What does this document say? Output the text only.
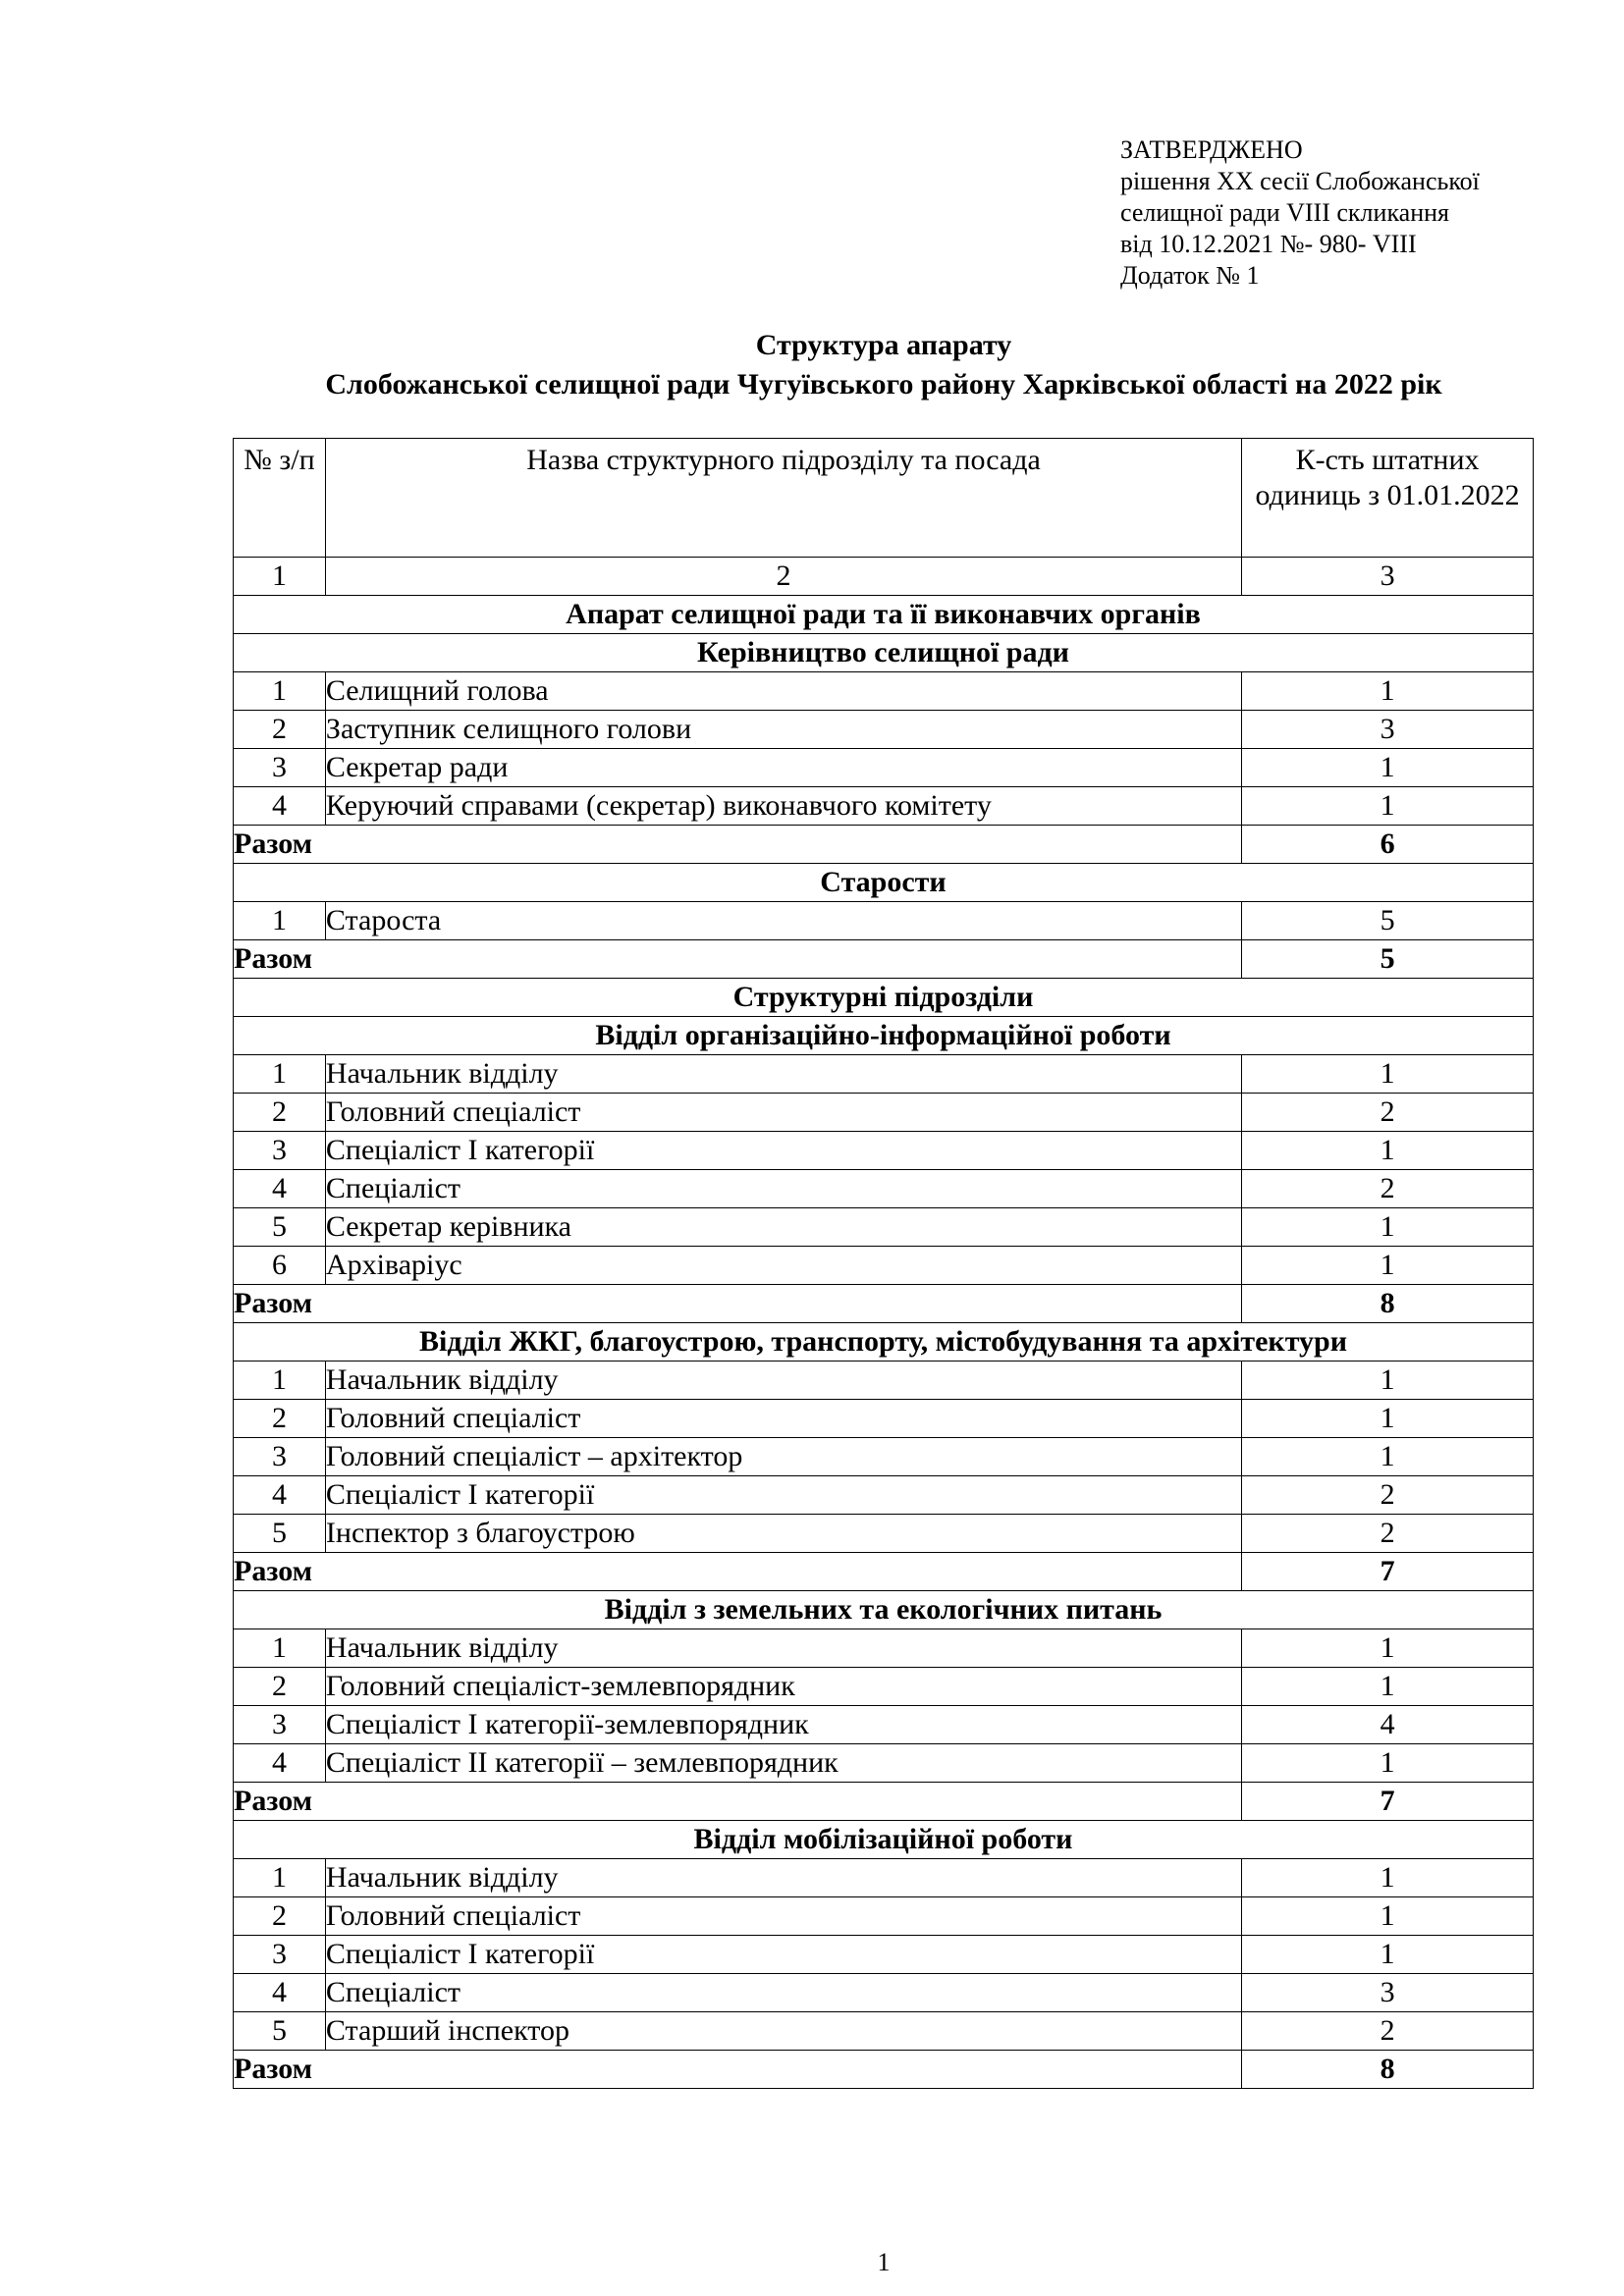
ЗАТВЕРДЖЕНО
рішення XX сесії Слобожанської
селищної ради VIII скликання
від 10.12.2021 №- 980- VIII
Додаток № 1
Структура апарату
Слобожанської селищної ради Чугуївського району Харківської області на 2022 рік
№ з/п	Назва структурного підрозділу та посада	К-сть штатних одиниць з 01.01.2022
1	2	3
Апарат селищної ради та її виконавчих органів		
Керівництво селищної ради		
1	Селищний голова	1
2	Заступник селищного голови	3
3	Секретар ради	1
4	Керуючий справами (секретар) виконавчого комітету	1
Разом		6
Старости		
1	Староста	5
Разом		5
Структурні підрозділи		
Відділ організаційно-інформаційної роботи		
1	Начальник відділу	1
2	Головний спеціаліст	2
3	Спеціаліст I категорії	1
4	Спеціаліст	2
5	Секретар керівника	1
6	Архіваріус	1
Разом		8
Відділ ЖКГ, благоустрою, транспорту, містобудування та архітектури		
1	Начальник відділу	1
2	Головний спеціаліст	1
3	Головний спеціаліст – архітектор	1
4	Спеціаліст I категорії	2
5	Інспектор з благоустрою	2
Разом		7
Відділ з земельних та екологічних питань		
1	Начальник відділу	1
2	Головний спеціаліст-землевпорядник	1
3	Спеціаліст I категорії-землевпорядник	4
4	Спеціаліст II категорії – землевпорядник	1
Разом		7
Відділ мобілізаційної роботи		
1	Начальник відділу	1
2	Головний спеціаліст	1
3	Спеціаліст I категорії	1
4	Спеціаліст	3
5	Старший інспектор	2
Разом		8
1
